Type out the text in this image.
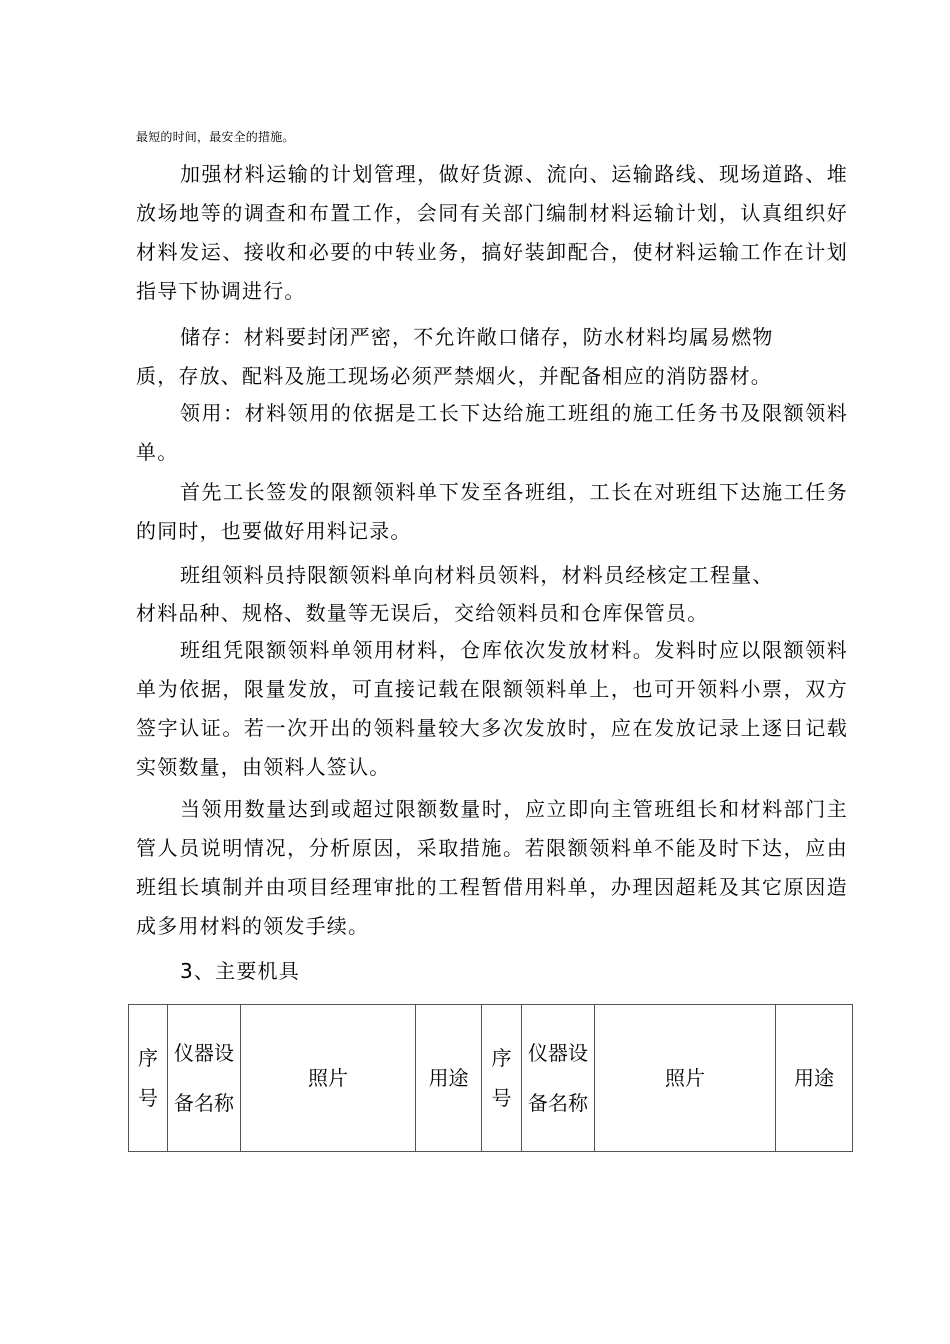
最短的时间，最安全的措施。

加强材料运输的计划管理，做好货源、流向、运输路线、现场道路、堆放场地等的调查和布置工作，会同有关部门编制材料运输计划，认真组织好材料发运、接收和必要的中转业务，搞好装卸配合，使材料运输工作在计划指导下协调进行。

储存：材料要封闭严密，不允许敞口储存，防水材料均属易燃物

质，存放、配料及施工现场必须严禁烟火，并配备相应的消防器材。

领用：材料领用的依据是工长下达给施工班组的施工任务书及限额领料单。

首先工长签发的限额领料单下发至各班组，工长在对班组下达施工任务的同时，也要做好用料记录。

班组领料员持限额领料单向材料员领料，材料员经核定工程量、

材料品种、规格、数量等无误后，交给领料员和仓库保管员。

班组凭限额领料单领用材料，仓库依次发放材料。发料时应以限额领料单为依据，限量发放，可直接记载在限额领料单上，也可开领料小票，双方签字认证。若一次开出的领料量较大多次发放时，应在发放记录上逐日记载实领数量，由领料人签认。

当领用数量达到或超过限额数量时，应立即向主管班组长和材料部门主管人员说明情况，分析原因，采取措施。若限额领料单不能及时下达，应由班组长填制并由项目经理审批的工程暂借用料单，办理因超耗及其它原因造成多用材料的领发手续。

3、主要机具

序号	仪器设备名称	照片	用途	序号	仪器设备名称	照片	用途
